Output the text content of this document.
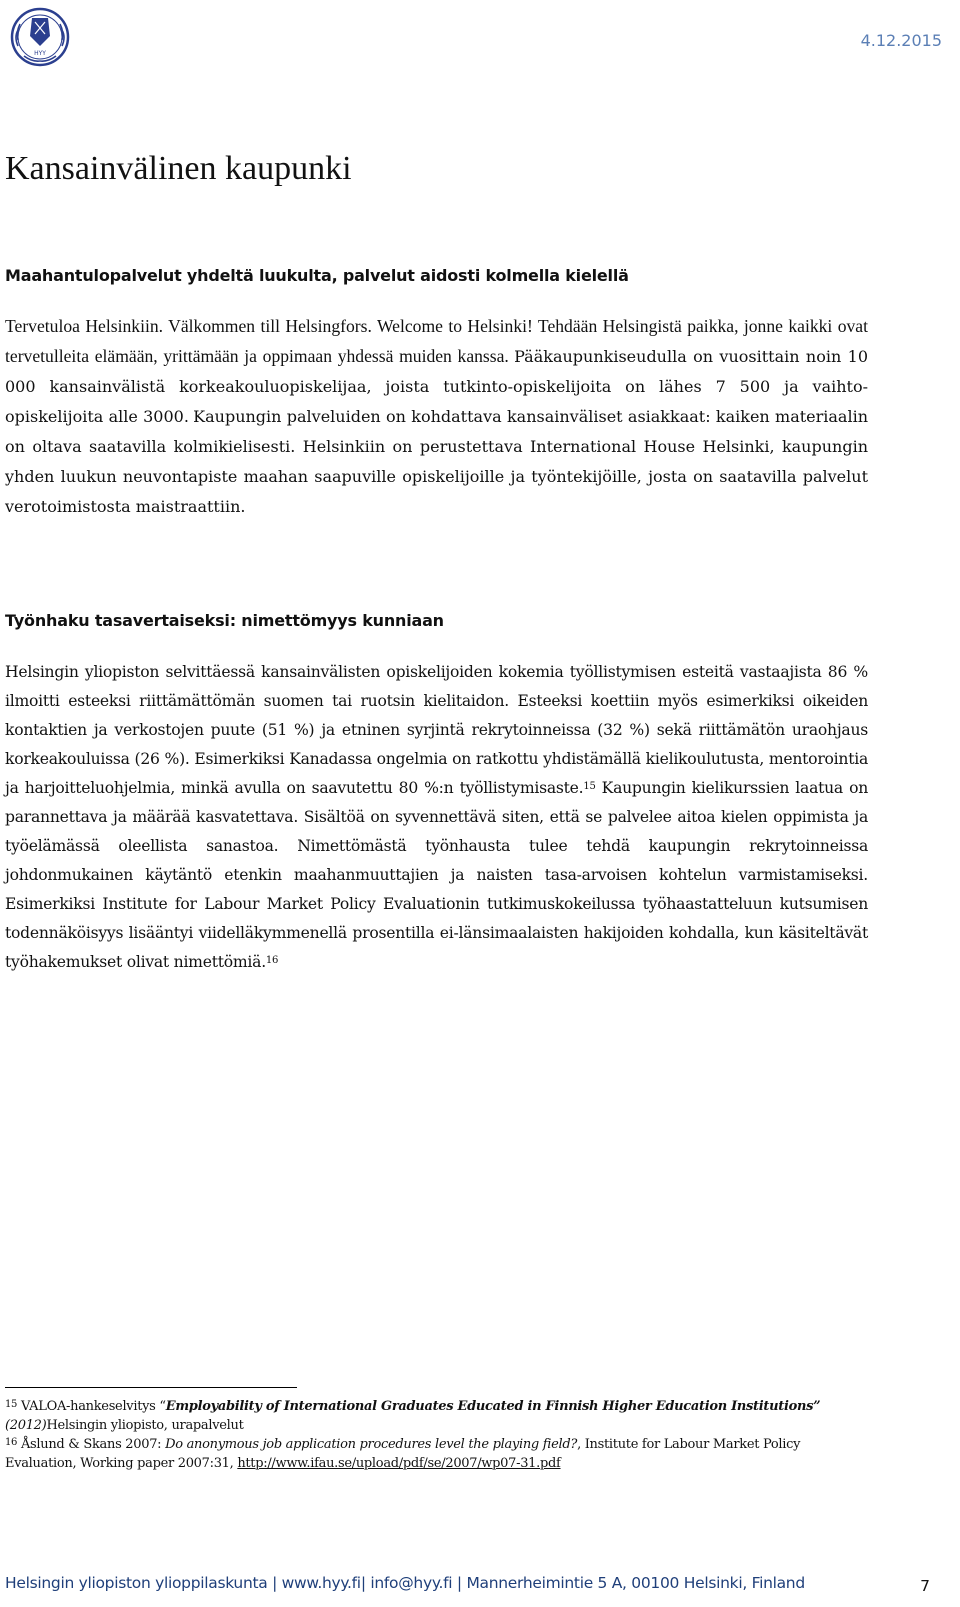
HYY
4.12.2015
Kansainvälinen kaupunki
Maahantulopalvelut yhdeltä luukulta, palvelut aidosti kolmella kielellä

Tervetuloa Helsinkiin. Välkommen till Helsingfors. Welcome to Helsinki! Tehdään Helsingistä paikka, jonne kaikki ovat tervetulleita elämään, yrittämään ja oppimaan yhdessä muiden kanssa. Pääkaupunkiseudulla on vuosittain noin 10 000 kansainvälistä korkeakouluopiskelijaa, joista tutkinto-opiskelijoita on lähes 7 500 ja vaihto-opiskelijoita alle 3000. Kaupungin palveluiden on kohdattava kansainväliset asiakkaat: kaiken materiaalin on oltava saatavilla kolmikielisesti. Helsinkiin on perustettava International House Helsinki, kaupungin yhden luukun neuvontapiste maahan saapuville opiskelijoille ja työntekijöille, josta on saatavilla palvelut verotoimistosta maistraattiin.

Työnhaku tasavertaiseksi: nimettömyys kunniaan

Helsingin yliopiston selvittäessä kansainvälisten opiskelijoiden kokemia työllistymisen esteitä vastaajista 86 % ilmoitti esteeksi riittämättömän suomen tai ruotsin kielitaidon. Esteeksi koettiin myös esimerkiksi oikeiden kontaktien ja verkostojen puute (51 %) ja etninen syrjintä rekrytoinneissa (32 %) sekä riittämätön uraohjaus korkeakouluissa (26 %). Esimerkiksi Kanadassa ongelmia on ratkottu yhdistämällä kielikoulutusta, mentorointia ja harjoitteluohjelmia, minkä avulla on saavutettu 80 %:n työllistymisaste.$^{15}$ Kaupungin kielikurssien laatua on parannettava ja määrää kasvatettava. Sisältöä on syvennettävä siten, että se palvelee aitoa kielen oppimista ja työelämässä oleellista sanastoa. Nimettömästä työnhausta tulee tehdä kaupungin rekrytoinneissa johdonmukainen käytäntö etenkin maahanmuuttajien ja naisten tasa-arvoisen kohtelun varmistamiseksi. Esimerkiksi Institute for Labour Market Policy Evaluationin tutkimuskokeilussa työhaastatteluun kutsumisen todennäköisyys lisääntyi viidelläkymmenellä prosentilla ei-länsimaalaisten hakijoiden kohdalla, kun käsiteltävät työhakemukset olivat nimettömiä.$^{16}$

$^{15}$ VALOA-hankeselvitys “Employability of International Graduates Educated in Finnish Higher Education Institutions”
(2012)Helsingin yliopisto, urapalvelut
$^{16}$ Åslund & Skans 2007: Do anonymous job application procedures level the playing field?, Institute for Labour Market Policy Evaluation, Working paper 2007:31, http://www.ifau.se/upload/pdf/se/2007/wp07-31.pdf
Helsingin yliopiston ylioppilaskunta | www.hyy.fi| info@hyy.fi | Mannerheimintie 5 A, 00100 Helsinki, Finland	7
